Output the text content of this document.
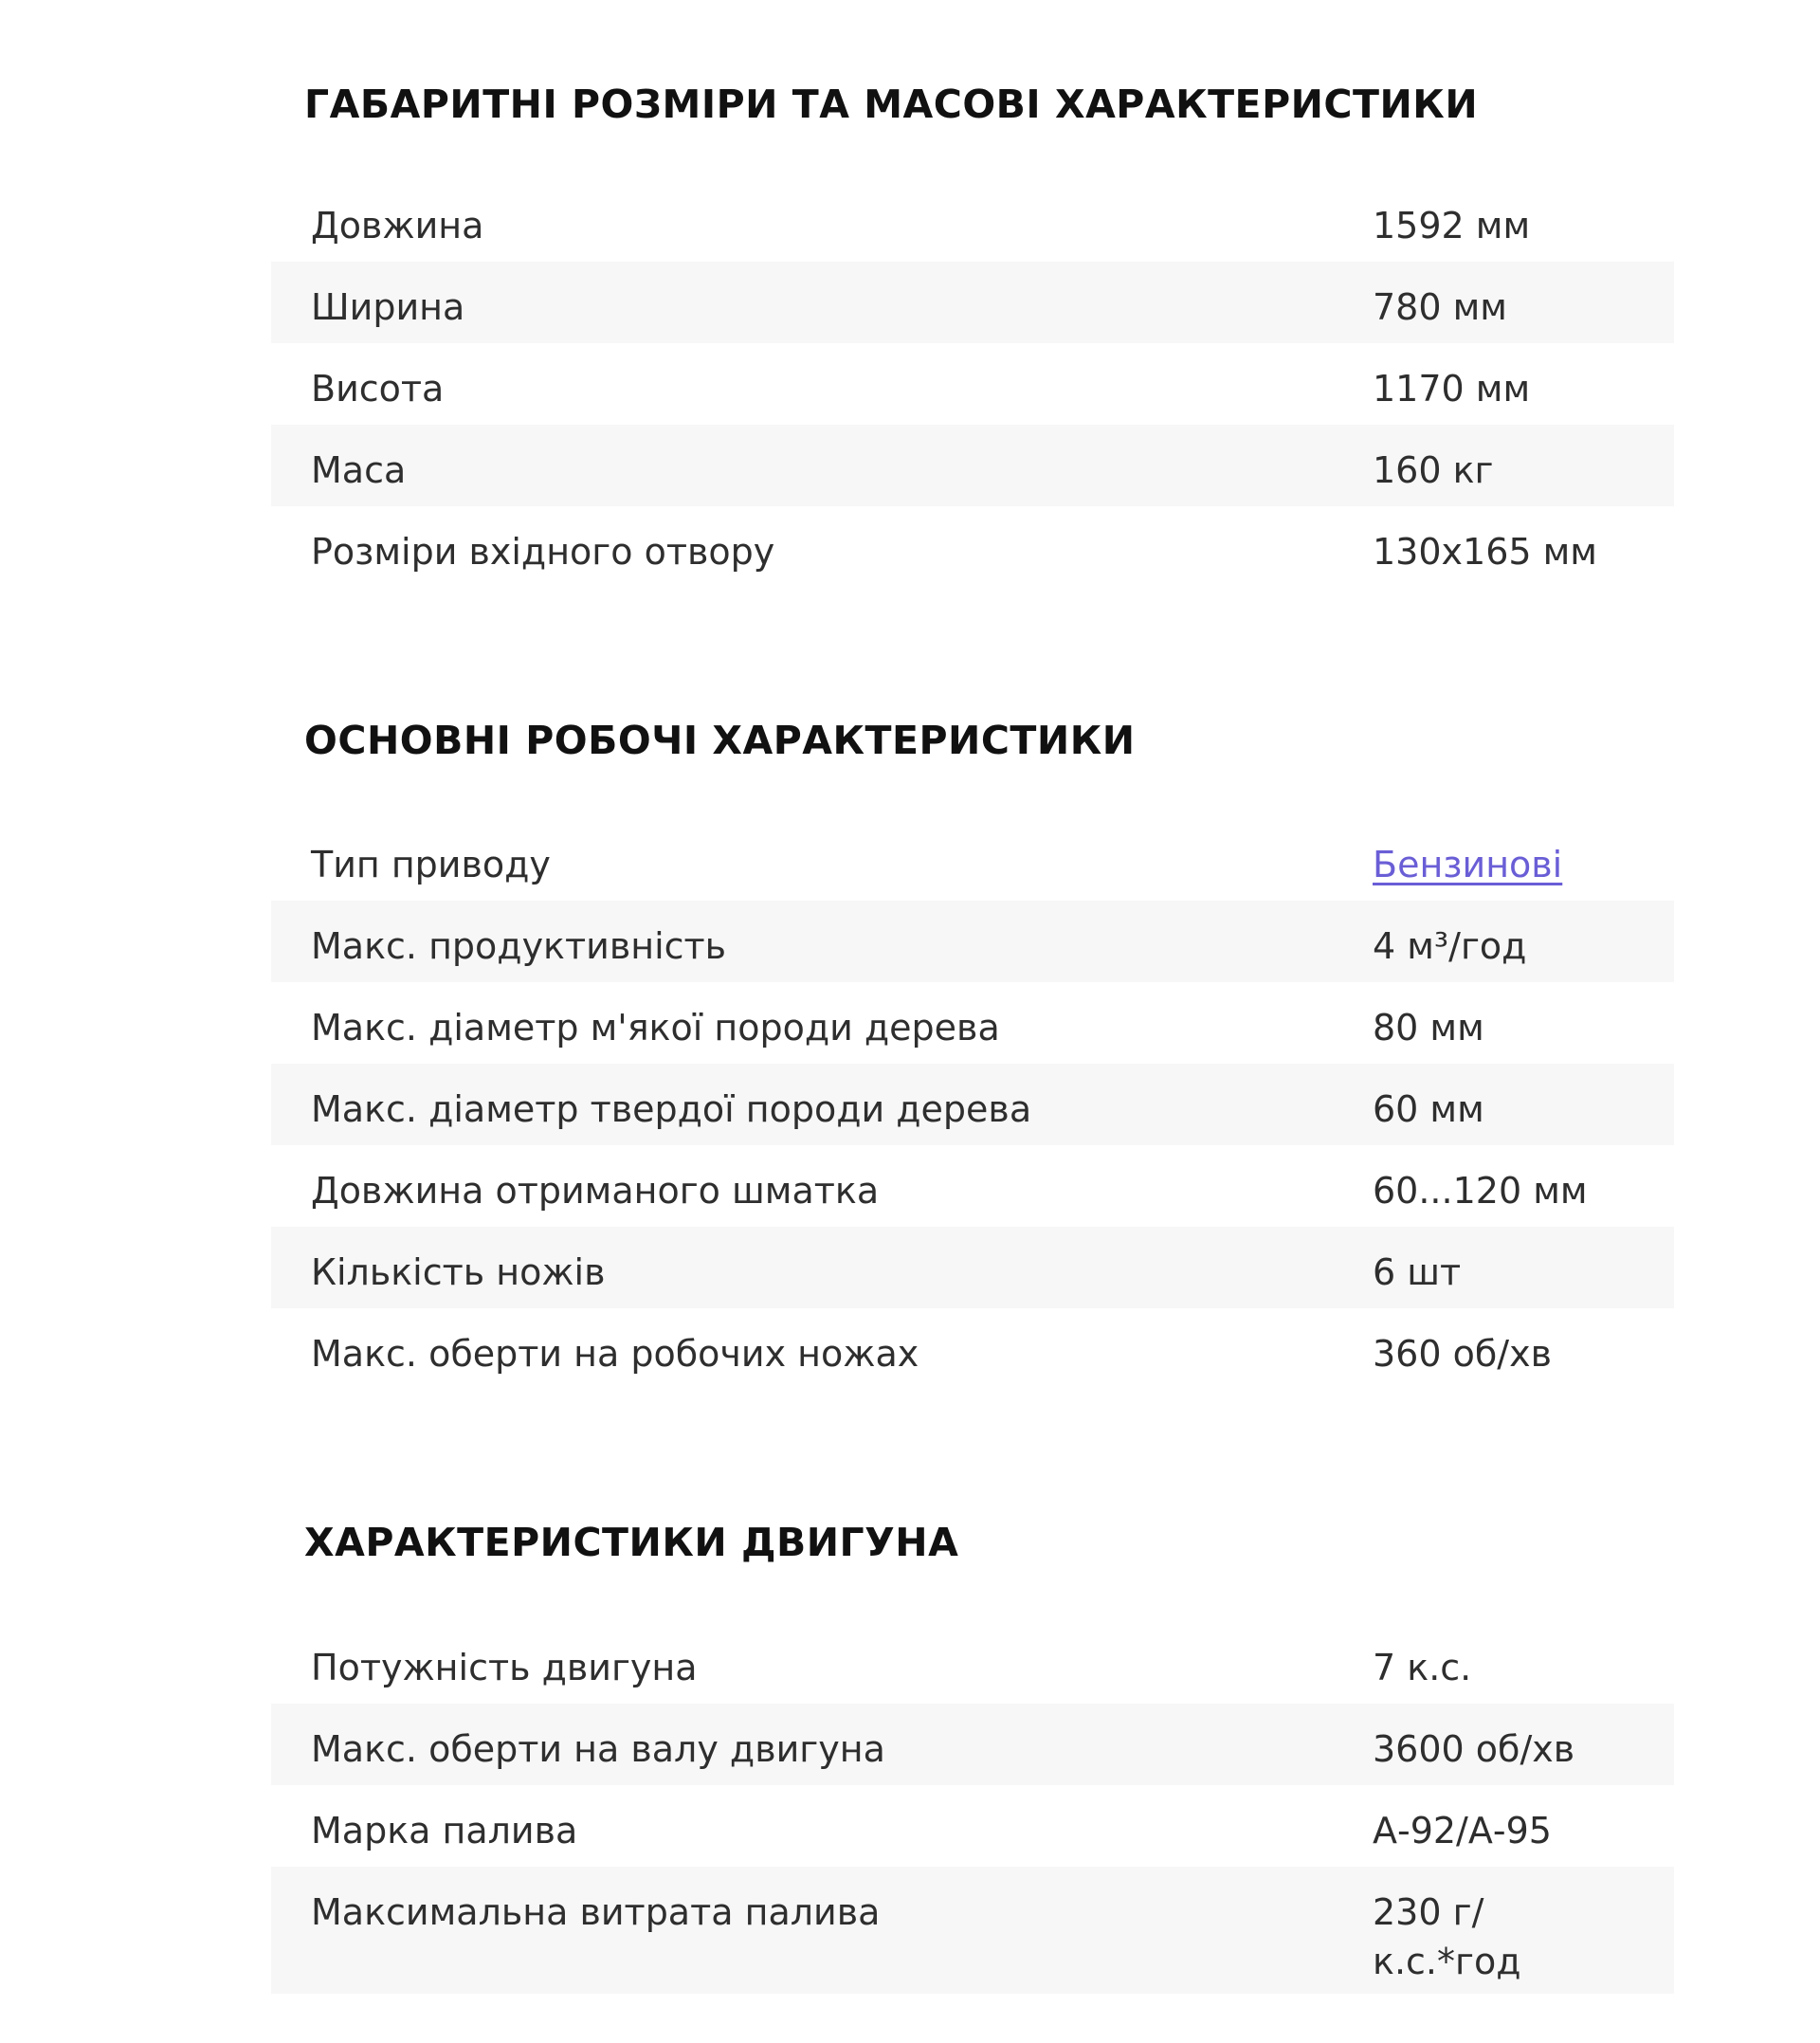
ГАБАРИТНІ РОЗМІРИ ТА МАСОВІ ХАРАКТЕРИСТИКИ
Довжина	1592 мм
Ширина	780 мм
Висота	1170 мм
Маса	160 кг
Розміри вхідного отвору	130х165 мм
ОСНОВНІ РОБОЧІ ХАРАКТЕРИСТИКИ
Тип приводу	Бензинові
Макс. продуктивність	4 м³/год
Макс. діаметр м'якої породи дерева	80 мм
Макс. діаметр твердої породи дерева	60 мм
Довжина отриманого шматка	60...120 мм
Кількість ножів	6 шт
Макс. оберти на робочих ножах	360 об/хв
ХАРАКТЕРИСТИКИ ДВИГУНА
Потужність двигуна	7 к.с.
Макс. оберти на валу двигуна	3600 об/хв
Марка палива	А-92/А-95
Максимальна витрата палива	230 г/к.с.*год
